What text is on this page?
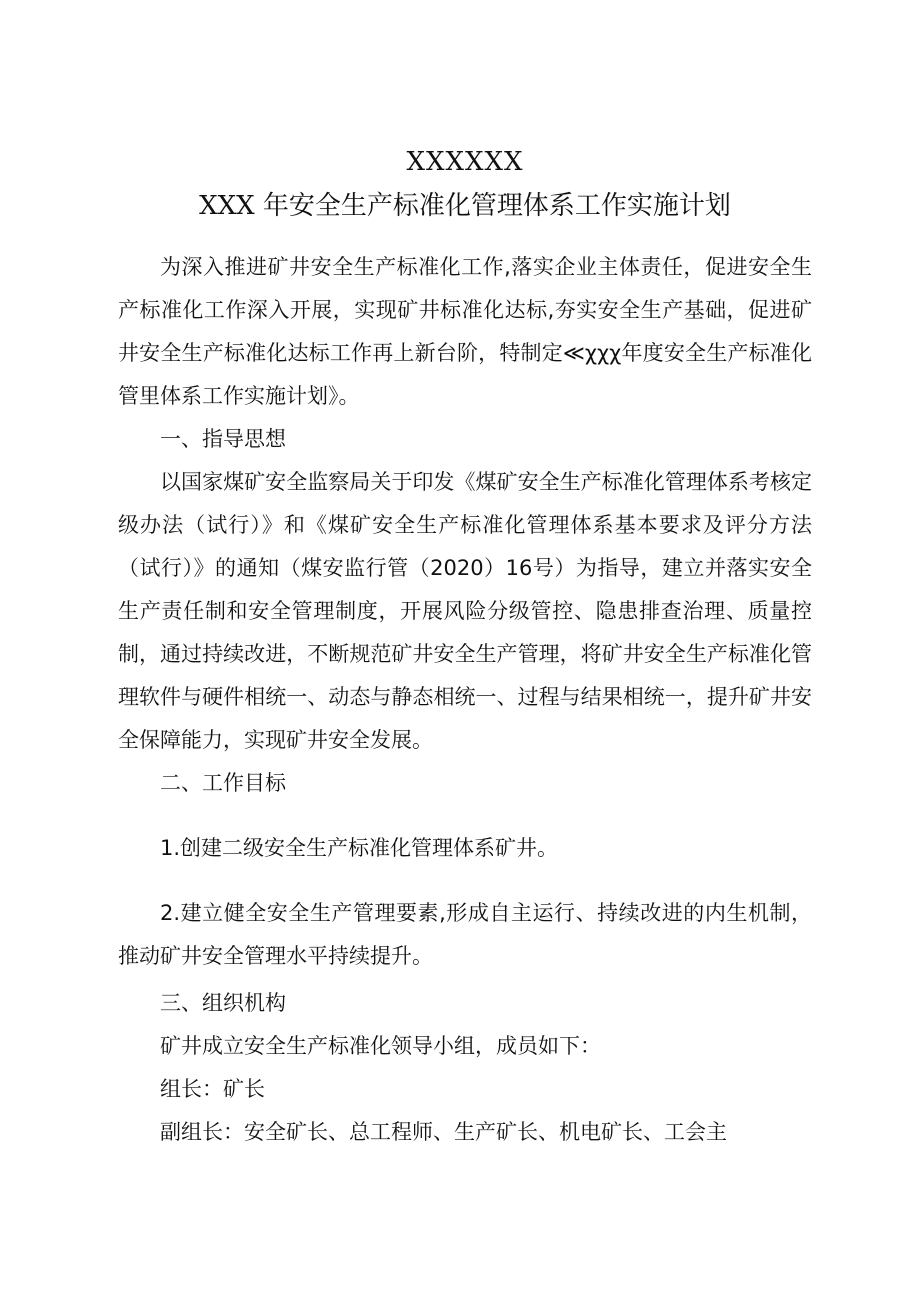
XXXXXX

XXX 年安全生产标准化管理体系工作实施计划

为深入推进矿井安全生产标准化工作,落实企业主体责任，促进安全生产标准化工作深入开展，实现矿井标准化达标,夯实安全生产基础，促进矿井安全生产标准化达标工作再上新台阶，特制定≪χχχ年度安全生产标准化管里体系工作实施计划》。

一、指导思想

以国家煤矿安全监察局关于印发《煤矿安全生产标准化管理体系考核定级办法（试行）》和《煤矿安全生产标准化管理体系基本要求及评分方法（试行）》的通知（煤安监行管（2020）16号）为指导，建立并落实安全生产责任制和安全管理制度，开展风险分级管控、隐患排查治理、质量控制，通过持续改进，不断规范矿井安全生产管理，将矿井安全生产标准化管理软件与硬件相统一、动态与静态相统一、过程与结果相统一，提升矿井安全保障能力，实现矿井安全发展。

二、工作目标

1.创建二级安全生产标准化管理体系矿井。

2.建立健全安全生产管理要素,形成自主运行、持续改进的内生机制，推动矿井安全管理水平持续提升。

三、组织机构

矿井成立安全生产标准化领导小组，成员如下：

组长：矿长

副组长：安全矿长、总工程师、生产矿长、机电矿长、工会主
